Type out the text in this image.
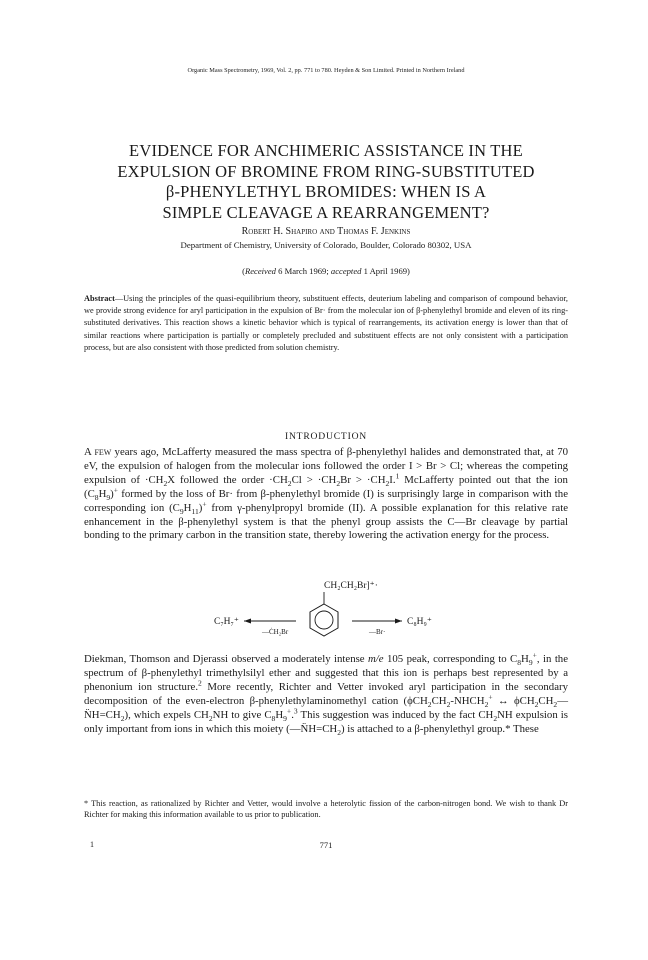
Organic Mass Spectrometry, 1969, Vol. 2, pp. 771 to 780. Heyden & Son Limited. Printed in Northern Ireland
EVIDENCE FOR ANCHIMERIC ASSISTANCE IN THE
EXPULSION OF BROMINE FROM RING-SUBSTITUTED
β-PHENYLETHYL BROMIDES: WHEN IS A
SIMPLE CLEAVAGE A REARRANGEMENT?
Robert H. Shapiro and Thomas F. Jenkins
Department of Chemistry, University of Colorado, Boulder, Colorado 80302, USA
(Received 6 March 1969; accepted 1 April 1969)
Abstract—Using the principles of the quasi-equilibrium theory, substituent effects, deuterium labeling and comparison of compound behavior, we provide strong evidence for aryl participation in the expulsion of Br· from the molecular ion of β-phenylethyl bromide and eleven of its ring-substituted derivatives. This reaction shows a kinetic behavior which is typical of rearrangements, its activation energy is lower than that of similar reactions where participation is partially or completely precluded and substituent effects are not only consistent with a participation process, but are also consistent with those predicted from solution chemistry.
INTRODUCTION
A few years ago, McLafferty measured the mass spectra of β-phenylethyl halides and demonstrated that, at 70 eV, the expulsion of halogen from the molecular ions followed the order I > Br > Cl; whereas the competing expulsion of $\cdot CH_2X$ followed the order $\cdot CH_2Cl > \cdot CH_2Br > \cdot CH_2I.^1$ McLafferty pointed out that the ion $(C_8H_9)^+$ formed by the loss of Br· from β-phenylethyl bromide (I) is surprisingly large in comparison with the corresponding ion $(C_9H_{11})^+$ from γ-phenylpropyl bromide (II). A possible explanation for this relative rate enhancement in the β-phenylethyl system is that the phenyl group assists the C—Br cleavage by partial bonding to the primary carbon in the transition state, thereby lowering the activation energy for the process.
CH₂CH₂Br]⁺·
C₇H₇⁺
—ĊH₂Br
C₈H₉⁺
—Br·
Diekman, Thomson and Djerassi observed a moderately intense m/e 105 peak, corresponding to $C_8H_9^+$, in the spectrum of β-phenylethyl trimethylsilyl ether and suggested that this ion is perhaps best represented by a phenonium ion structure.$^2$ More recently, Richter and Vetter invoked aryl participation in the secondary decomposition of the even-electron β-phenylethylaminomethyl cation ($\phi CH_2CH_2-NHCH_2^+$ ↔ $\phi CH_2CH_2—N̈H=CH_2$), which expels $CH_2NH$ to give $C_8H_9^+.^3$ This suggestion was induced by the fact $CH_2NH$ expulsion is only important from ions in which this moiety $(—N̈H=CH_2)$ is attached to a β-phenylethyl group.* These
* This reaction, as rationalized by Richter and Vetter, would involve a heterolytic fission of the carbon-nitrogen bond. We wish to thank Dr Richter for making this information available to us prior to publication.
1	771
